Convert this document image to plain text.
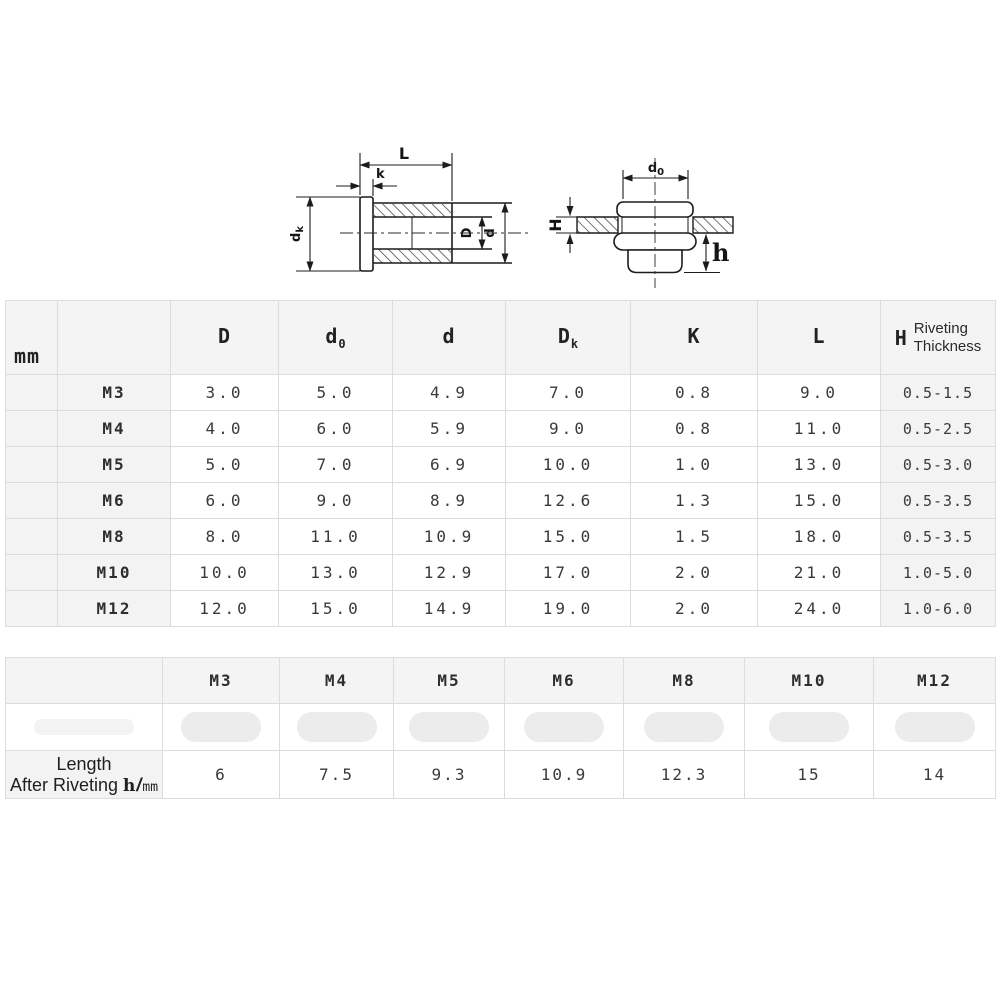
L
k
$d_k$	D d
$d_0$
H
h
mm		D	$d_0$	d	$D_k$	K	L	H Riveting
Thickness

	M3	3.0	5.0	4.9	7.0	0.8	9.0	0.5-1.5
	M4	4.0	6.0	5.9	9.0	0.8	11.0	0.5-2.5
	M5	5.0	7.0	6.9	10.0	1.0	13.0	0.5-3.0
	M6	6.0	9.0	8.9	12.6	1.3	15.0	0.5-3.5
	M8	8.0	11.0	10.9	15.0	1.5	18.0	0.5-3.5
	M10	10.0	13.0	12.9	17.0	2.0	21.0	1.0-5.0
	M12	12.0	15.0	14.9	19.0	2.0	24.0	1.0-6.0
	M3	M4	M5	M6	M8	M10	M12

Length
After Riveting h/mm	6	7.5	9.3	10.9	12.3	15	14
